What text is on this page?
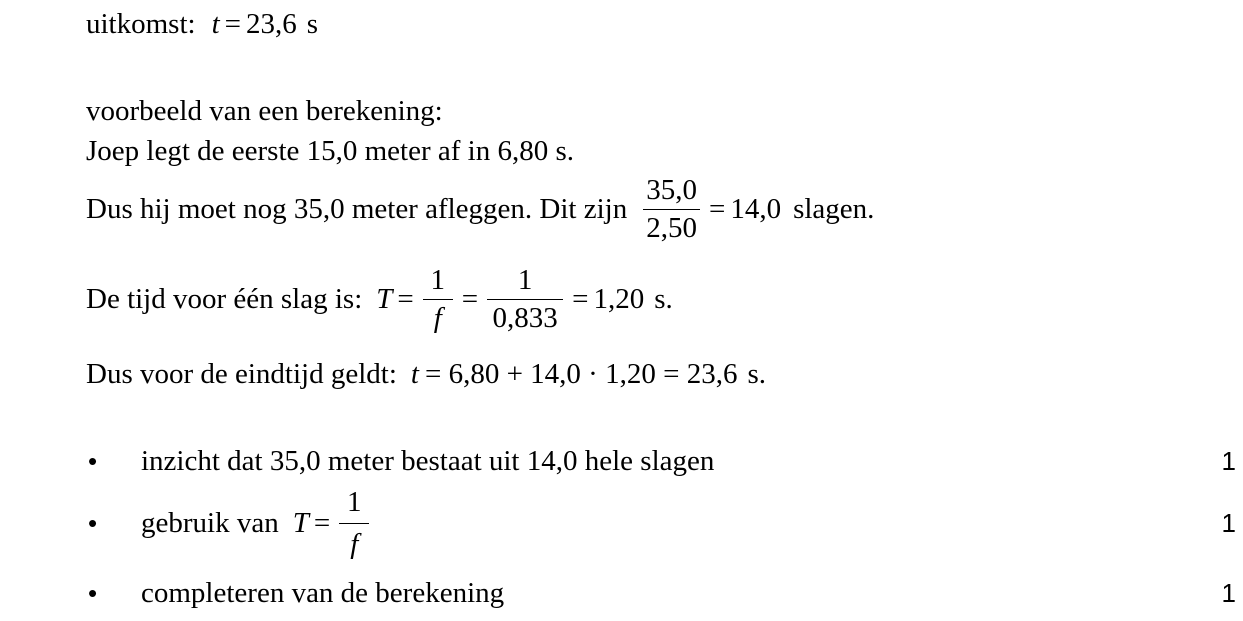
uitkomst: t = 23,6 s
voorbeeld van een berekening:
Joep legt de eerste 15,0 meter af in 6,80 s.
Dus hij moet nog 35,0 meter afleggen. Dit zijn $\frac{35,0}{2,50} = 14,0$ slagen.
De tijd voor één slag is: $T = \frac{1}{f} = \frac{1}{0,833} = 1,20$ s.
Dus voor de eindtijd geldt: t = 6,80 + 14,0 · 1,20 = 23,6 s.
•	inzicht dat 35,0 meter bestaat uit 14,0 hele slagen	1
•	gebruik van $T = \frac{1}{f}$	1
•	completeren van de berekening	1
